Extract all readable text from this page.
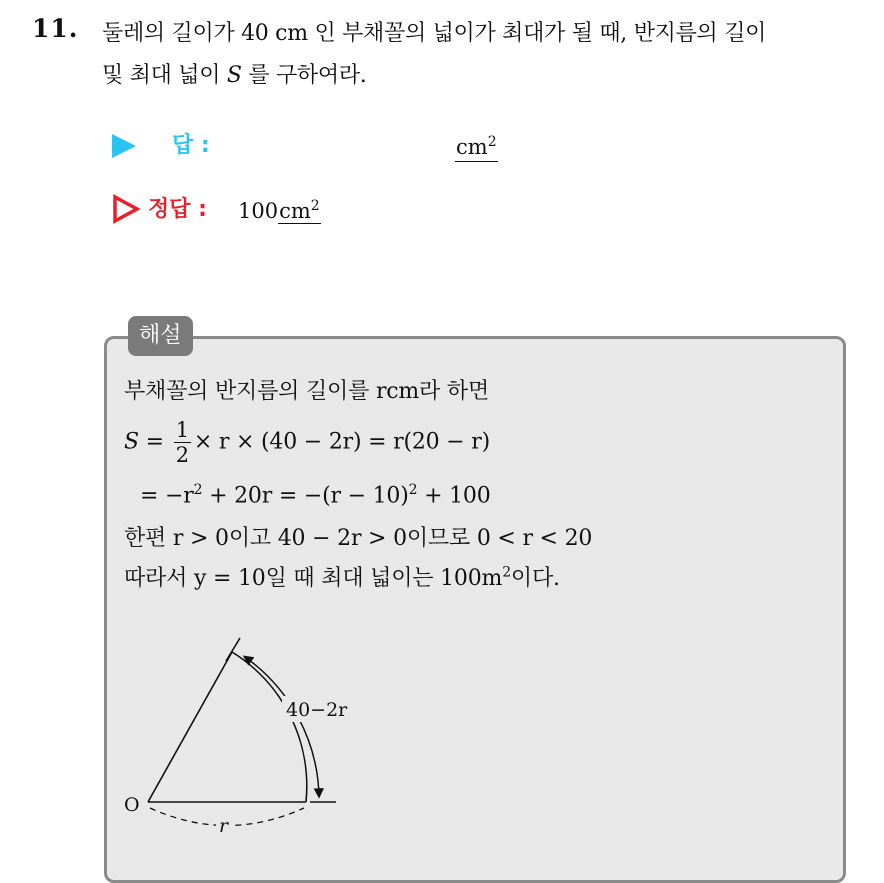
11. 둘레의 길이가 40 cm 인 부채꼴의 넓이가 최대가 될 때, 반지름의 길이
및 최대 넓이 S 를 구하여라.
답 :	$cm^2$
정답 : $100cm^2$
해설
부채꼴의 반지름의 길이를 rcm라 하면
$S = \frac{1}{2} \times r \times (40 - 2r) = r(20 - r)$
= $-r^2 + 20r = -(r - 10)^2 + 100$
한편 r > 0이고 40 − 2r > 0이므로 0 < r < 20
따라서 y = 10일 때 최대 넓이는 $100m^2$이다.
O
40−2r
r
